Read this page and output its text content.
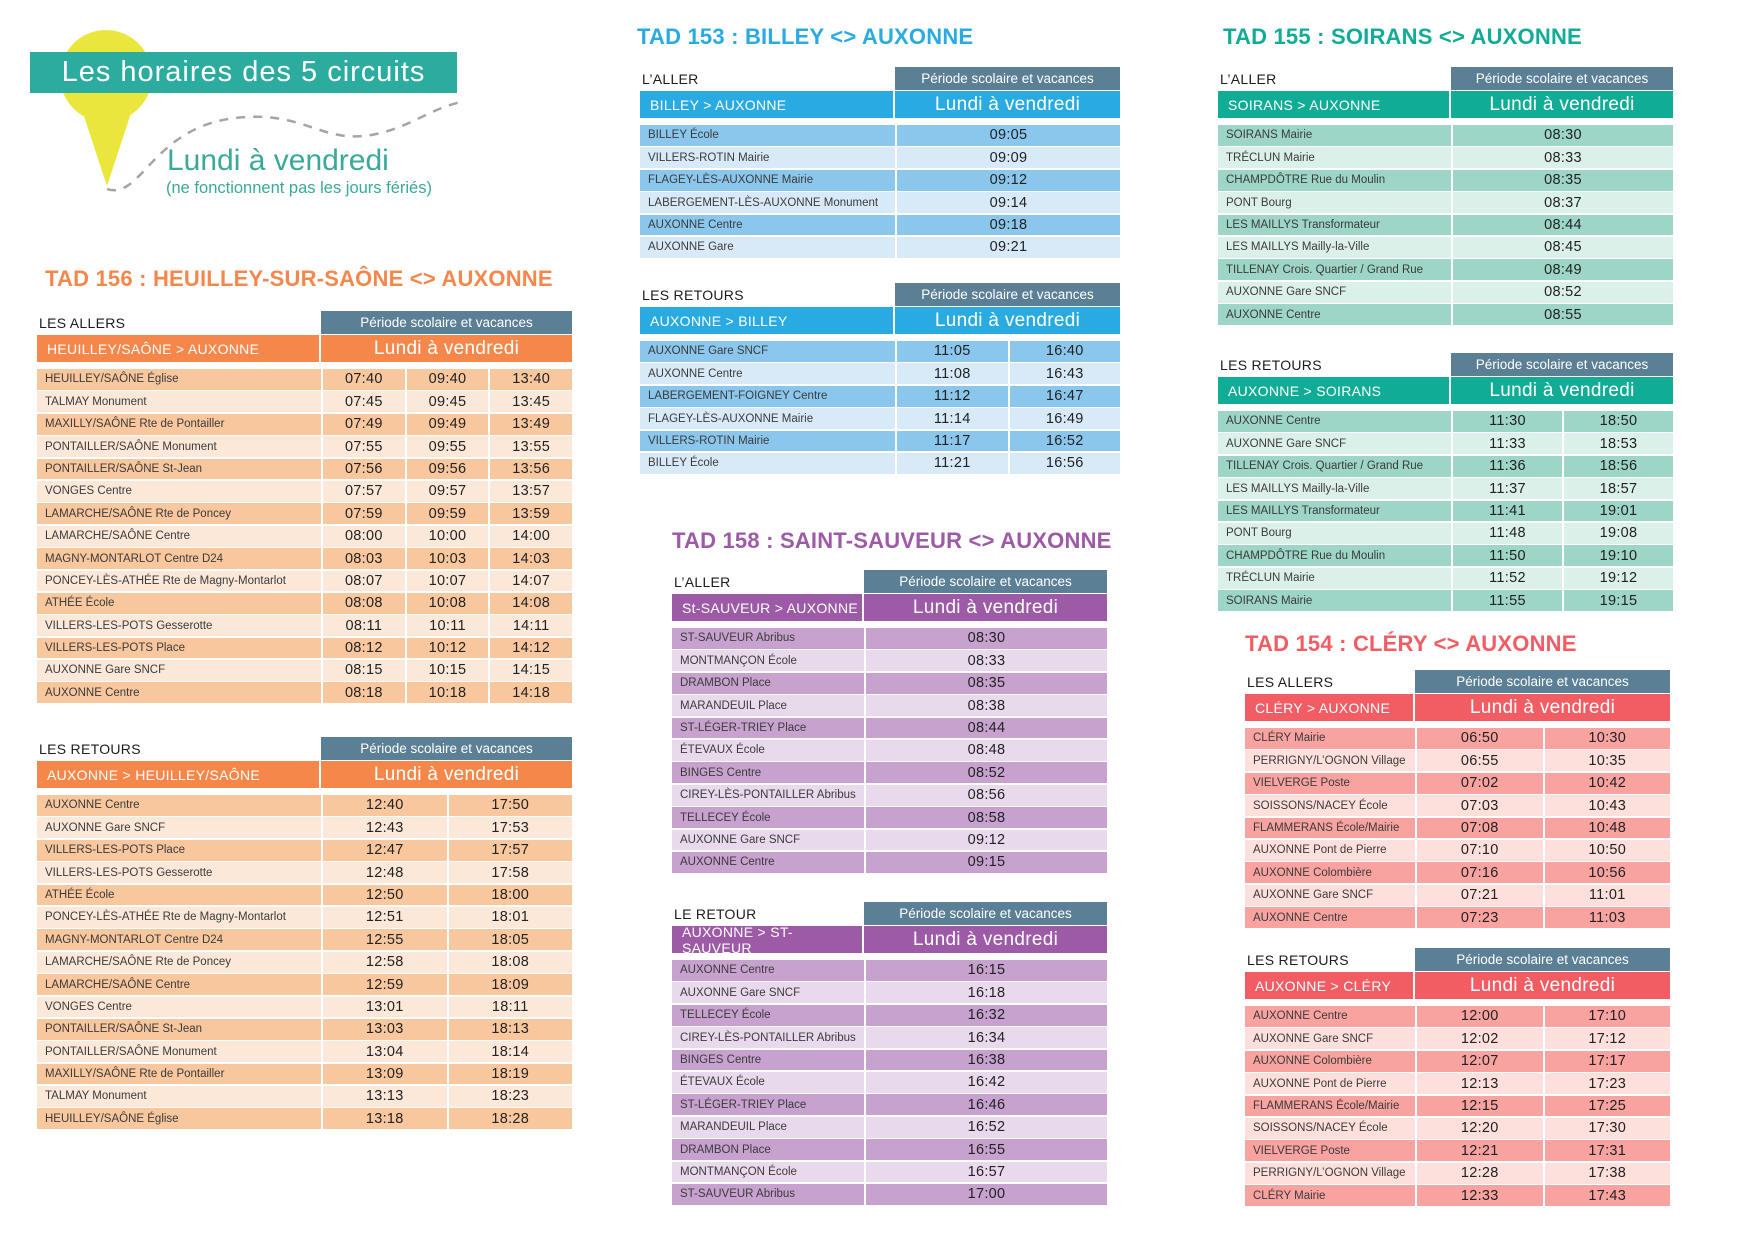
Les horaires des 5 circuits
Lundi à vendredi
(ne fonctionnent pas les jours fériés)
TAD 156 : HEUILLEY-SUR-SAÔNE <> AUXONNE
TAD 153 : BILLEY <> AUXONNE
TAD 158 : SAINT-SAUVEUR <> AUXONNE
TAD 155 : SOIRANS <> AUXONNE
TAD 154 : CLÉRY <> AUXONNE
LES ALLERS	Période scolaire et vacances
HEUILLEY/SAÔNE > AUXONNE	Lundi à vendredi
HEUILLEY/SAÔNE Église	07:40	09:40	13:40
TALMAY Monument	07:45	09:45	13:45
MAXILLY/SAÔNE Rte de Pontailler	07:49	09:49	13:49
PONTAILLER/SAÔNE Monument	07:55	09:55	13:55
PONTAILLER/SAÔNE St-Jean	07:56	09:56	13:56
VONGES Centre	07:57	09:57	13:57
LAMARCHE/SAÔNE Rte de Poncey	07:59	09:59	13:59
LAMARCHE/SAÔNE Centre	08:00	10:00	14:00
MAGNY-MONTARLOT Centre D24	08:03	10:03	14:03
PONCEY-LÈS-ATHÉE Rte de Magny-Montarlot	08:07	10:07	14:07
ATHÉE École	08:08	10:08	14:08
VILLERS-LES-POTS Gesserotte	08:11	10:11	14:11
VILLERS-LES-POTS Place	08:12	10:12	14:12
AUXONNE Gare SNCF	08:15	10:15	14:15
AUXONNE Centre	08:18	10:18	14:18
LES RETOURS	Période scolaire et vacances
AUXONNE > HEUILLEY/SAÔNE	Lundi à vendredi
AUXONNE Centre	12:40	17:50
AUXONNE Gare SNCF	12:43	17:53
VILLERS-LES-POTS Place	12:47	17:57
VILLERS-LES-POTS Gesserotte	12:48	17:58
ATHÉE École	12:50	18:00
PONCEY-LÈS-ATHÉE Rte de Magny-Montarlot	12:51	18:01
MAGNY-MONTARLOT Centre D24	12:55	18:05
LAMARCHE/SAÔNE Rte de Poncey	12:58	18:08
LAMARCHE/SAÔNE Centre	12:59	18:09
VONGES Centre	13:01	18:11
PONTAILLER/SAÔNE St-Jean	13:03	18:13
PONTAILLER/SAÔNE Monument	13:04	18:14
MAXILLY/SAÔNE Rte de Pontailler	13:09	18:19
TALMAY Monument	13:13	18:23
HEUILLEY/SAÔNE Église	13:18	18:28
L’ALLER	Période scolaire et vacances
BILLEY > AUXONNE	Lundi à vendredi
BILLEY École	09:05
VILLERS-ROTIN Mairie	09:09
FLAGEY-LÈS-AUXONNE Mairie	09:12
LABERGEMENT-LÈS-AUXONNE Monument	09:14
AUXONNE Centre	09:18
AUXONNE Gare	09:21
LES RETOURS	Période scolaire et vacances
AUXONNE > BILLEY	Lundi à vendredi
AUXONNE Gare SNCF	11:05	16:40
AUXONNE Centre	11:08	16:43
LABERGEMENT-FOIGNEY Centre	11:12	16:47
FLAGEY-LÈS-AUXONNE Mairie	11:14	16:49
VILLERS-ROTIN Mairie	11:17	16:52
BILLEY École	11:21	16:56
L’ALLER	Période scolaire et vacances
St-SAUVEUR > AUXONNE	Lundi à vendredi
ST-SAUVEUR Abribus	08:30
MONTMANÇON École	08:33
DRAMBON Place	08:35
MARANDEUIL Place	08:38
ST-LÉGER-TRIEY Place	08:44
ÉTEVAUX École	08:48
BINGES Centre	08:52
CIREY-LÈS-PONTAILLER Abribus	08:56
TELLECEY École	08:58
AUXONNE Gare SNCF	09:12
AUXONNE Centre	09:15
LE RETOUR	Période scolaire et vacances
AUXONNE > ST-SAUVEUR	Lundi à vendredi
AUXONNE Centre	16:15
AUXONNE Gare SNCF	16:18
TELLECEY École	16:32
CIREY-LÈS-PONTAILLER Abribus	16:34
BINGES Centre	16:38
ÉTEVAUX École	16:42
ST-LÉGER-TRIEY Place	16:46
MARANDEUIL Place	16:52
DRAMBON Place	16:55
MONTMANÇON École	16:57
ST-SAUVEUR Abribus	17:00
L’ALLER	Période scolaire et vacances
SOIRANS > AUXONNE	Lundi à vendredi
SOIRANS Mairie	08:30
TRÉCLUN Mairie	08:33
CHAMPDÔTRE Rue du Moulin	08:35
PONT Bourg	08:37
LES MAILLYS Transformateur	08:44
LES MAILLYS Mailly-la-Ville	08:45
TILLENAY Crois. Quartier / Grand Rue	08:49
AUXONNE Gare SNCF	08:52
AUXONNE Centre	08:55
LES RETOURS	Période scolaire et vacances
AUXONNE > SOIRANS	Lundi à vendredi
AUXONNE Centre	11:30	18:50
AUXONNE Gare SNCF	11:33	18:53
TILLENAY Crois. Quartier / Grand Rue	11:36	18:56
LES MAILLYS Mailly-la-Ville	11:37	18:57
LES MAILLYS Transformateur	11:41	19:01
PONT Bourg	11:48	19:08
CHAMPDÔTRE Rue du Moulin	11:50	19:10
TRÉCLUN Mairie	11:52	19:12
SOIRANS Mairie	11:55	19:15
LES ALLERS	Période scolaire et vacances
CLÉRY > AUXONNE	Lundi à vendredi
CLÉRY Mairie	06:50	10:30
PERRIGNY/L’OGNON Village	06:55	10:35
VIELVERGE Poste	07:02	10:42
SOISSONS/NACEY École	07:03	10:43
FLAMMERANS École/Mairie	07:08	10:48
AUXONNE Pont de Pierre	07:10	10:50
AUXONNE Colombière	07:16	10:56
AUXONNE Gare SNCF	07:21	11:01
AUXONNE Centre	07:23	11:03
LES RETOURS	Période scolaire et vacances
AUXONNE > CLÉRY	Lundi à vendredi
AUXONNE Centre	12:00	17:10
AUXONNE Gare SNCF	12:02	17:12
AUXONNE Colombière	12:07	17:17
AUXONNE Pont de Pierre	12:13	17:23
FLAMMERANS École/Mairie	12:15	17:25
SOISSONS/NACEY École	12:20	17:30
VIELVERGE Poste	12:21	17:31
PERRIGNY/L’OGNON Village	12:28	17:38
CLÉRY Mairie	12:33	17:43
